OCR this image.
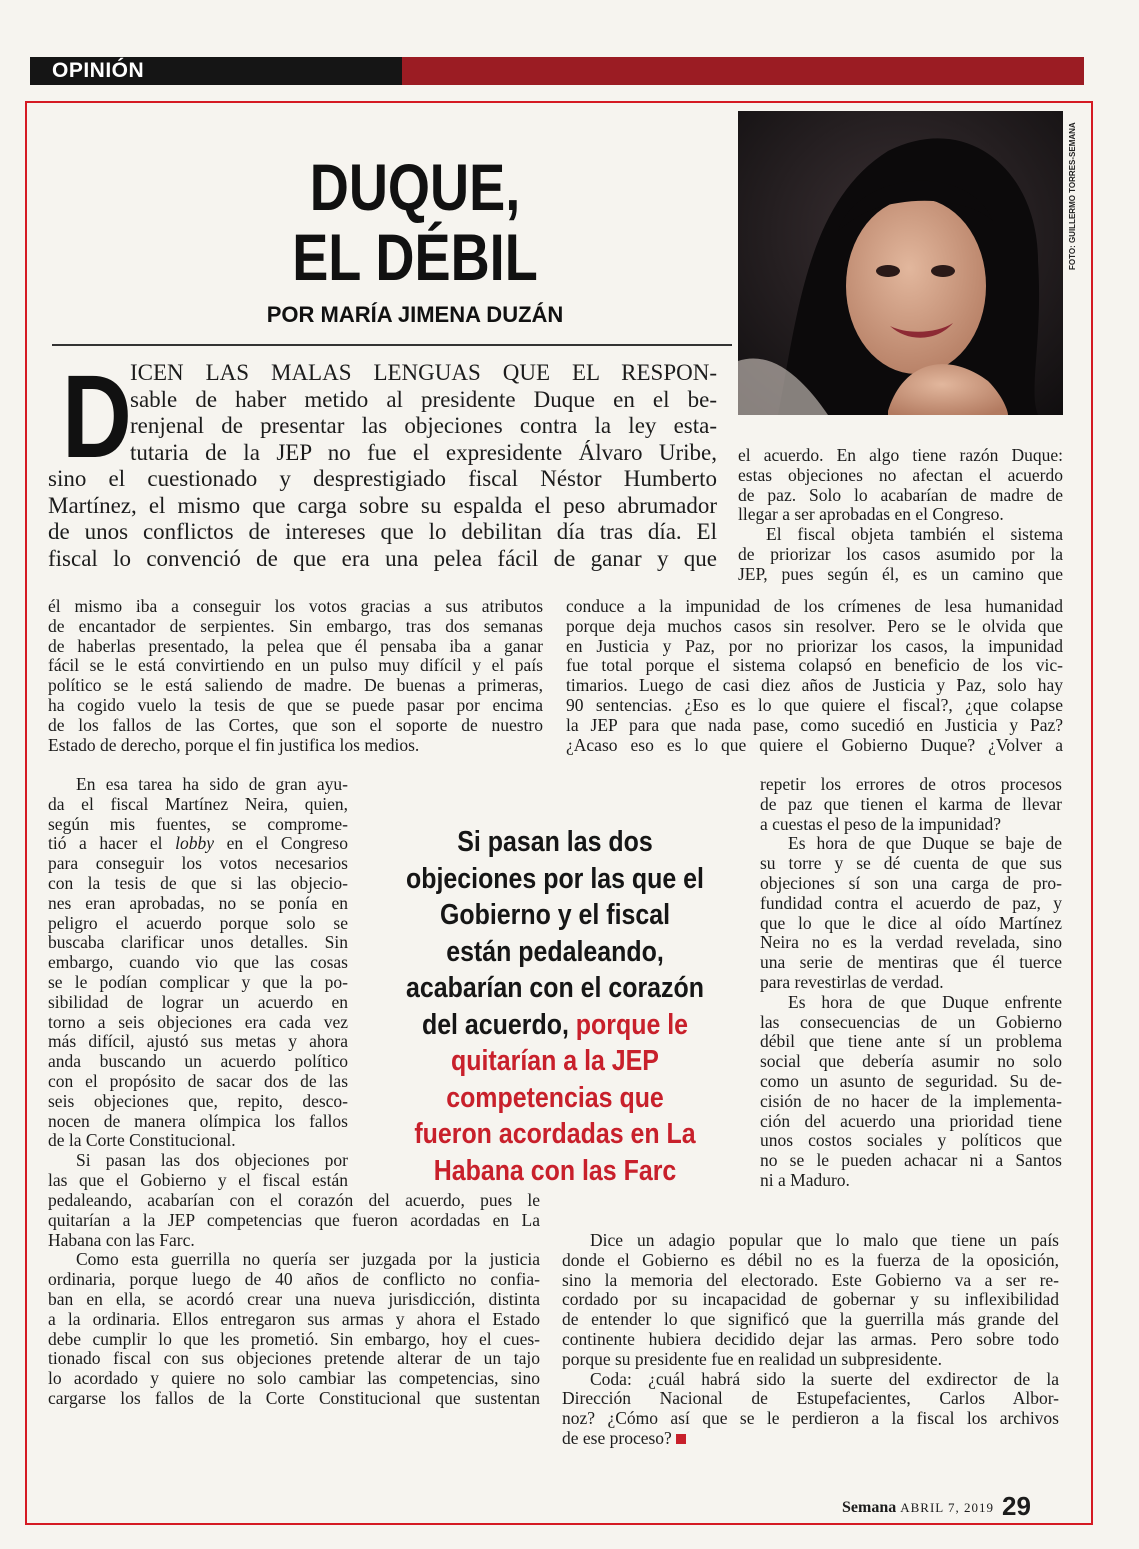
OPINIÓN
DUQUE,
EL DÉBIL
POR MARÍA JIMENA DUZÁN
FOTO: GUILLERMO TORRES-SEMANA
D
ICEN LAS MALAS LENGUAS QUE EL RESPON-
sable de haber metido al presidente Duque en el be-
renjenal de presentar las objeciones contra la ley esta-
tutaria de la JEP no fue el expresidente Álvaro Uribe,
sino el cuestionado y desprestigiado fiscal Néstor Humberto
Martínez, el mismo que carga sobre su espalda el peso abrumador
de unos conflictos de intereses que lo debilitan día tras día. El
fiscal lo convenció de que era una pelea fácil de ganar y que
el acuerdo. En algo tiene razón Duque:
estas objeciones no afectan el acuerdo
de paz. Solo lo acabarían de madre de
llegar a ser aprobadas en el Congreso.
El fiscal objeta también el sistema
de priorizar los casos asumido por la
JEP, pues según él, es un camino que
él mismo iba a conseguir los votos gracias a sus atributos
de encantador de serpientes. Sin embargo, tras dos semanas
de haberlas presentado, la pelea que él pensaba iba a ganar
fácil se le está convirtiendo en un pulso muy difícil y el país
político se le está saliendo de madre. De buenas a primeras,
ha cogido vuelo la tesis de que se puede pasar por encima
de los fallos de las Cortes, que son el soporte de nuestro
Estado de derecho, porque el fin justifica los medios.
En esa tarea ha sido de gran ayu-
da el fiscal Martínez Neira, quien,
según mis fuentes, se comprome-
tió a hacer el lobby en el Congreso
para conseguir los votos necesarios
con la tesis de que si las objecio-
nes eran aprobadas, no se ponía en
peligro el acuerdo porque solo se
buscaba clarificar unos detalles. Sin
embargo, cuando vio que las cosas
se le podían complicar y que la po-
sibilidad de lograr un acuerdo en
torno a seis objeciones era cada vez
más difícil, ajustó sus metas y ahora
anda buscando un acuerdo político
con el propósito de sacar dos de las
seis objeciones que, repito, desco-
nocen de manera olímpica los fallos
de la Corte Constitucional.
Si pasan las dos objeciones por
las que el Gobierno y el fiscal están
pedaleando, acabarían con el corazón del acuerdo, pues le
quitarían a la JEP competencias que fueron acordadas en La
Habana con las Farc.
Como esta guerrilla no quería ser juzgada por la justicia
ordinaria, porque luego de 40 años de conflicto no confia-
ban en ella, se acordó crear una nueva jurisdicción, distinta
a la ordinaria. Ellos entregaron sus armas y ahora el Estado
debe cumplir lo que les prometió. Sin embargo, hoy el cues-
tionado fiscal con sus objeciones pretende alterar de un tajo
lo acordado y quiere no solo cambiar las competencias, sino
cargarse los fallos de la Corte Constitucional que sustentan
conduce a la impunidad de los crímenes de lesa humanidad
porque deja muchos casos sin resolver. Pero se le olvida que
en Justicia y Paz, por no priorizar los casos, la impunidad
fue total porque el sistema colapsó en beneficio de los vic-
timarios. Luego de casi diez años de Justicia y Paz, solo hay
90 sentencias. ¿Eso es lo que quiere el fiscal?, ¿que colapse
la JEP para que nada pase, como sucedió en Justicia y Paz?
¿Acaso eso es lo que quiere el Gobierno Duque? ¿Volver a
repetir los errores de otros procesos
de paz que tienen el karma de llevar
a cuestas el peso de la impunidad?
Es hora de que Duque se baje de
su torre y se dé cuenta de que sus
objeciones sí son una carga de pro-
fundidad contra el acuerdo de paz, y
que lo que le dice al oído Martínez
Neira no es la verdad revelada, sino
una serie de mentiras que él tuerce
para revestirlas de verdad.
Es hora de que Duque enfrente
las consecuencias de un Gobierno
débil que tiene ante sí un problema
social que debería asumir no solo
como un asunto de seguridad. Su de-
cisión de no hacer de la implementa-
ción del acuerdo una prioridad tiene
unos costos sociales y políticos que
no se le pueden achacar ni a Santos
ni a Maduro.
Dice un adagio popular que lo malo que tiene un país
donde el Gobierno es débil no es la fuerza de la oposición,
sino la memoria del electorado. Este Gobierno va a ser re-
cordado por su incapacidad de gobernar y su inflexibilidad
de entender lo que significó que la guerrilla más grande del
continente hubiera decidido dejar las armas. Pero sobre todo
porque su presidente fue en realidad un subpresidente.
Coda: ¿cuál habrá sido la suerte del exdirector de la
Dirección Nacional de Estupefacientes, Carlos Albor-
noz? ¿Cómo así que se le perdieron a la fiscal los archivos
de ese proceso?
Si pasan las dos objeciones por las que el Gobierno y el fiscal están pedaleando, acabarían con el corazón del acuerdo, porque le quitarían a la JEP competencias que fueron acordadas en La Habana con las Farc
Semana ABRIL 7, 2019 29
